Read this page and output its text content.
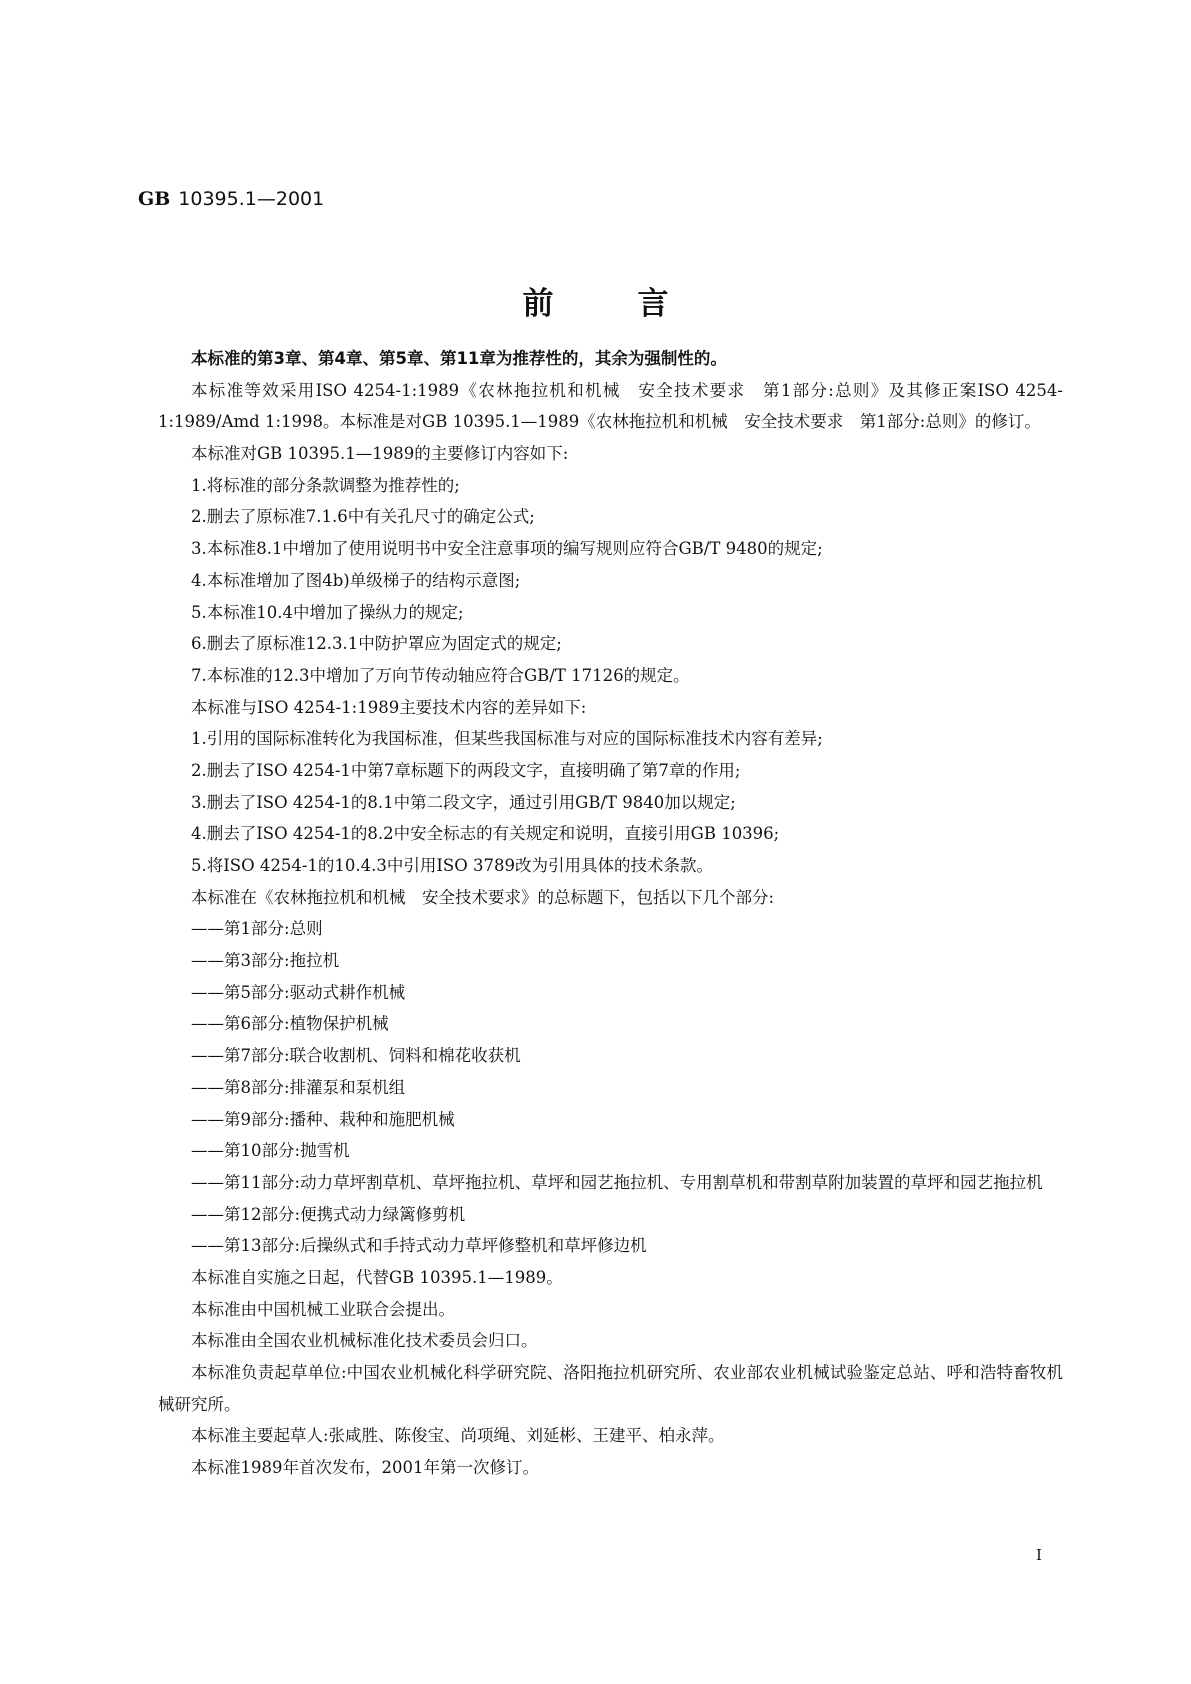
GB 10395.1—2001
前言
本标准的第3章、第4章、第5章、第11章为推荐性的，其余为强制性的。
本标准等效采用ISO 4254-1:1989《农林拖拉机和机械　安全技术要求　第1部分:总则》及其修正案ISO 4254-1:1989/Amd 1:1998。本标准是对GB 10395.1—1989《农林拖拉机和机械　安全技术要求　第1部分:总则》的修订。
本标准对GB 10395.1—1989的主要修订内容如下:
1.将标准的部分条款调整为推荐性的;
2.删去了原标准7.1.6中有关孔尺寸的确定公式;
3.本标准8.1中增加了使用说明书中安全注意事项的编写规则应符合GB/T 9480的规定;
4.本标准增加了图4b)单级梯子的结构示意图;
5.本标准10.4中增加了操纵力的规定;
6.删去了原标准12.3.1中防护罩应为固定式的规定;
7.本标准的12.3中增加了万向节传动轴应符合GB/T 17126的规定。
本标准与ISO 4254-1:1989主要技术内容的差异如下:
1.引用的国际标准转化为我国标准，但某些我国标准与对应的国际标准技术内容有差异;
2.删去了ISO 4254-1中第7章标题下的两段文字，直接明确了第7章的作用;
3.删去了ISO 4254-1的8.1中第二段文字，通过引用GB/T 9840加以规定;
4.删去了ISO 4254-1的8.2中安全标志的有关规定和说明，直接引用GB 10396;
5.将ISO 4254-1的10.4.3中引用ISO 3789改为引用具体的技术条款。
本标准在《农林拖拉机和机械　安全技术要求》的总标题下，包括以下几个部分:
——第1部分:总则
——第3部分:拖拉机
——第5部分:驱动式耕作机械
——第6部分:植物保护机械
——第7部分:联合收割机、饲料和棉花收获机
——第8部分:排灌泵和泵机组
——第9部分:播种、栽种和施肥机械
——第10部分:抛雪机
——第11部分: 动力草坪割草机、草坪拖拉机、草坪和园艺拖拉机、专用割草机和带割草附加装置的草坪和园艺拖拉机
——第12部分:便携式动力绿篱修剪机
——第13部分:后操纵式和手持式动力草坪修整机和草坪修边机
本标准自实施之日起，代替GB 10395.1—1989。
本标准由中国机械工业联合会提出。
本标准由全国农业机械标准化技术委员会归口。
本标准负责起草单位:中国农业机械化科学研究院、洛阳拖拉机研究所、农业部农业机械试验鉴定总站、呼和浩特畜牧机械研究所。
本标准主要起草人:张咸胜、陈俊宝、尚项绳、刘延彬、王建平、柏永萍。
本标准1989年首次发布，2001年第一次修订。
I
